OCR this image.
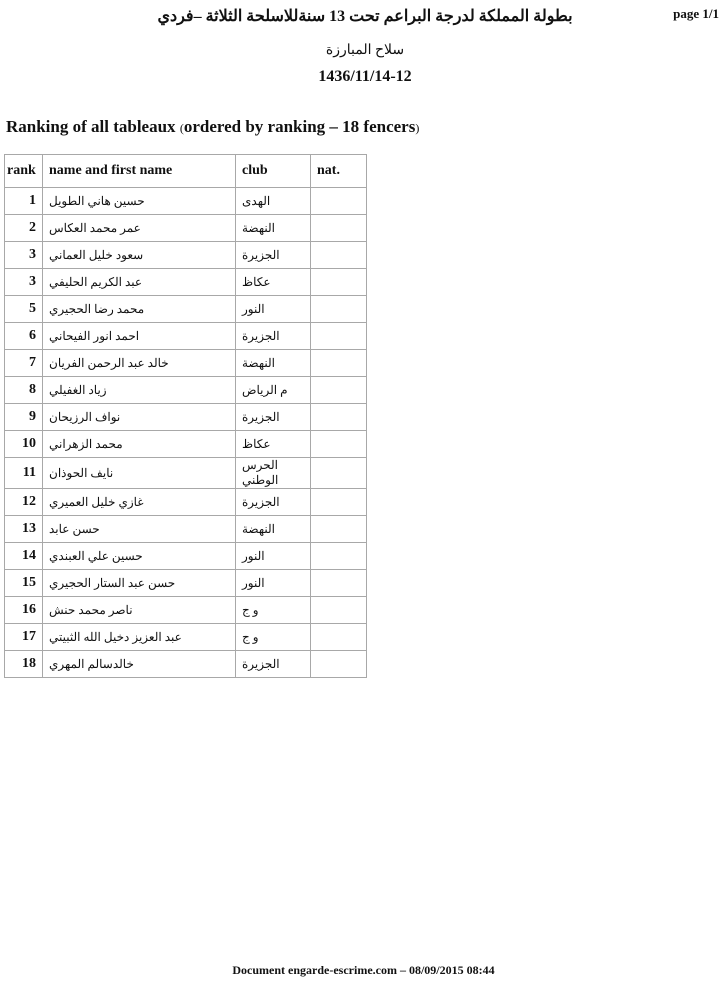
page 1/1
بطولة المملكة لدرجة البراعم تحت 13 سنةللاسلحة الثلاثة –فردي
سلاح المبارزة
1436/11/14-12
Ranking of all tableaux (ordered by ranking – 18 fencers)
rank	name and first name	club	nat.
1	حسين هاني الطويل	الهدى	
2	عمر محمد العكاس	النهضة	
3	سعود خليل العماني	الجزيرة	
3	عبد الكريم الحليفي	عكاظ	
5	محمد رضا الحجيري	النور	
6	احمد انور الفيحاني	الجزيرة	
7	خالد عبد الرحمن الفريان	النهضة	
8	زياد الغفيلي	م الرياض	
9	نواف الرزيحان	الجزيرة	
10	محمد الزهراني	عكاظ	
11	نايف الحوذان	الحرس الوطني	
12	غازي خليل العميري	الجزيرة	
13	حسن عابد	النهضة	
14	حسين علي العبندي	النور	
15	حسن عبد الستار الحجيري	النور	
16	ناصر محمد حنش	و ج	
17	عبد العزيز دخيل الله الثبيتي	و ج	
18	خالدسالم المهري	الجزيرة	
Document engarde-escrime.com – 08/09/2015 08:44
